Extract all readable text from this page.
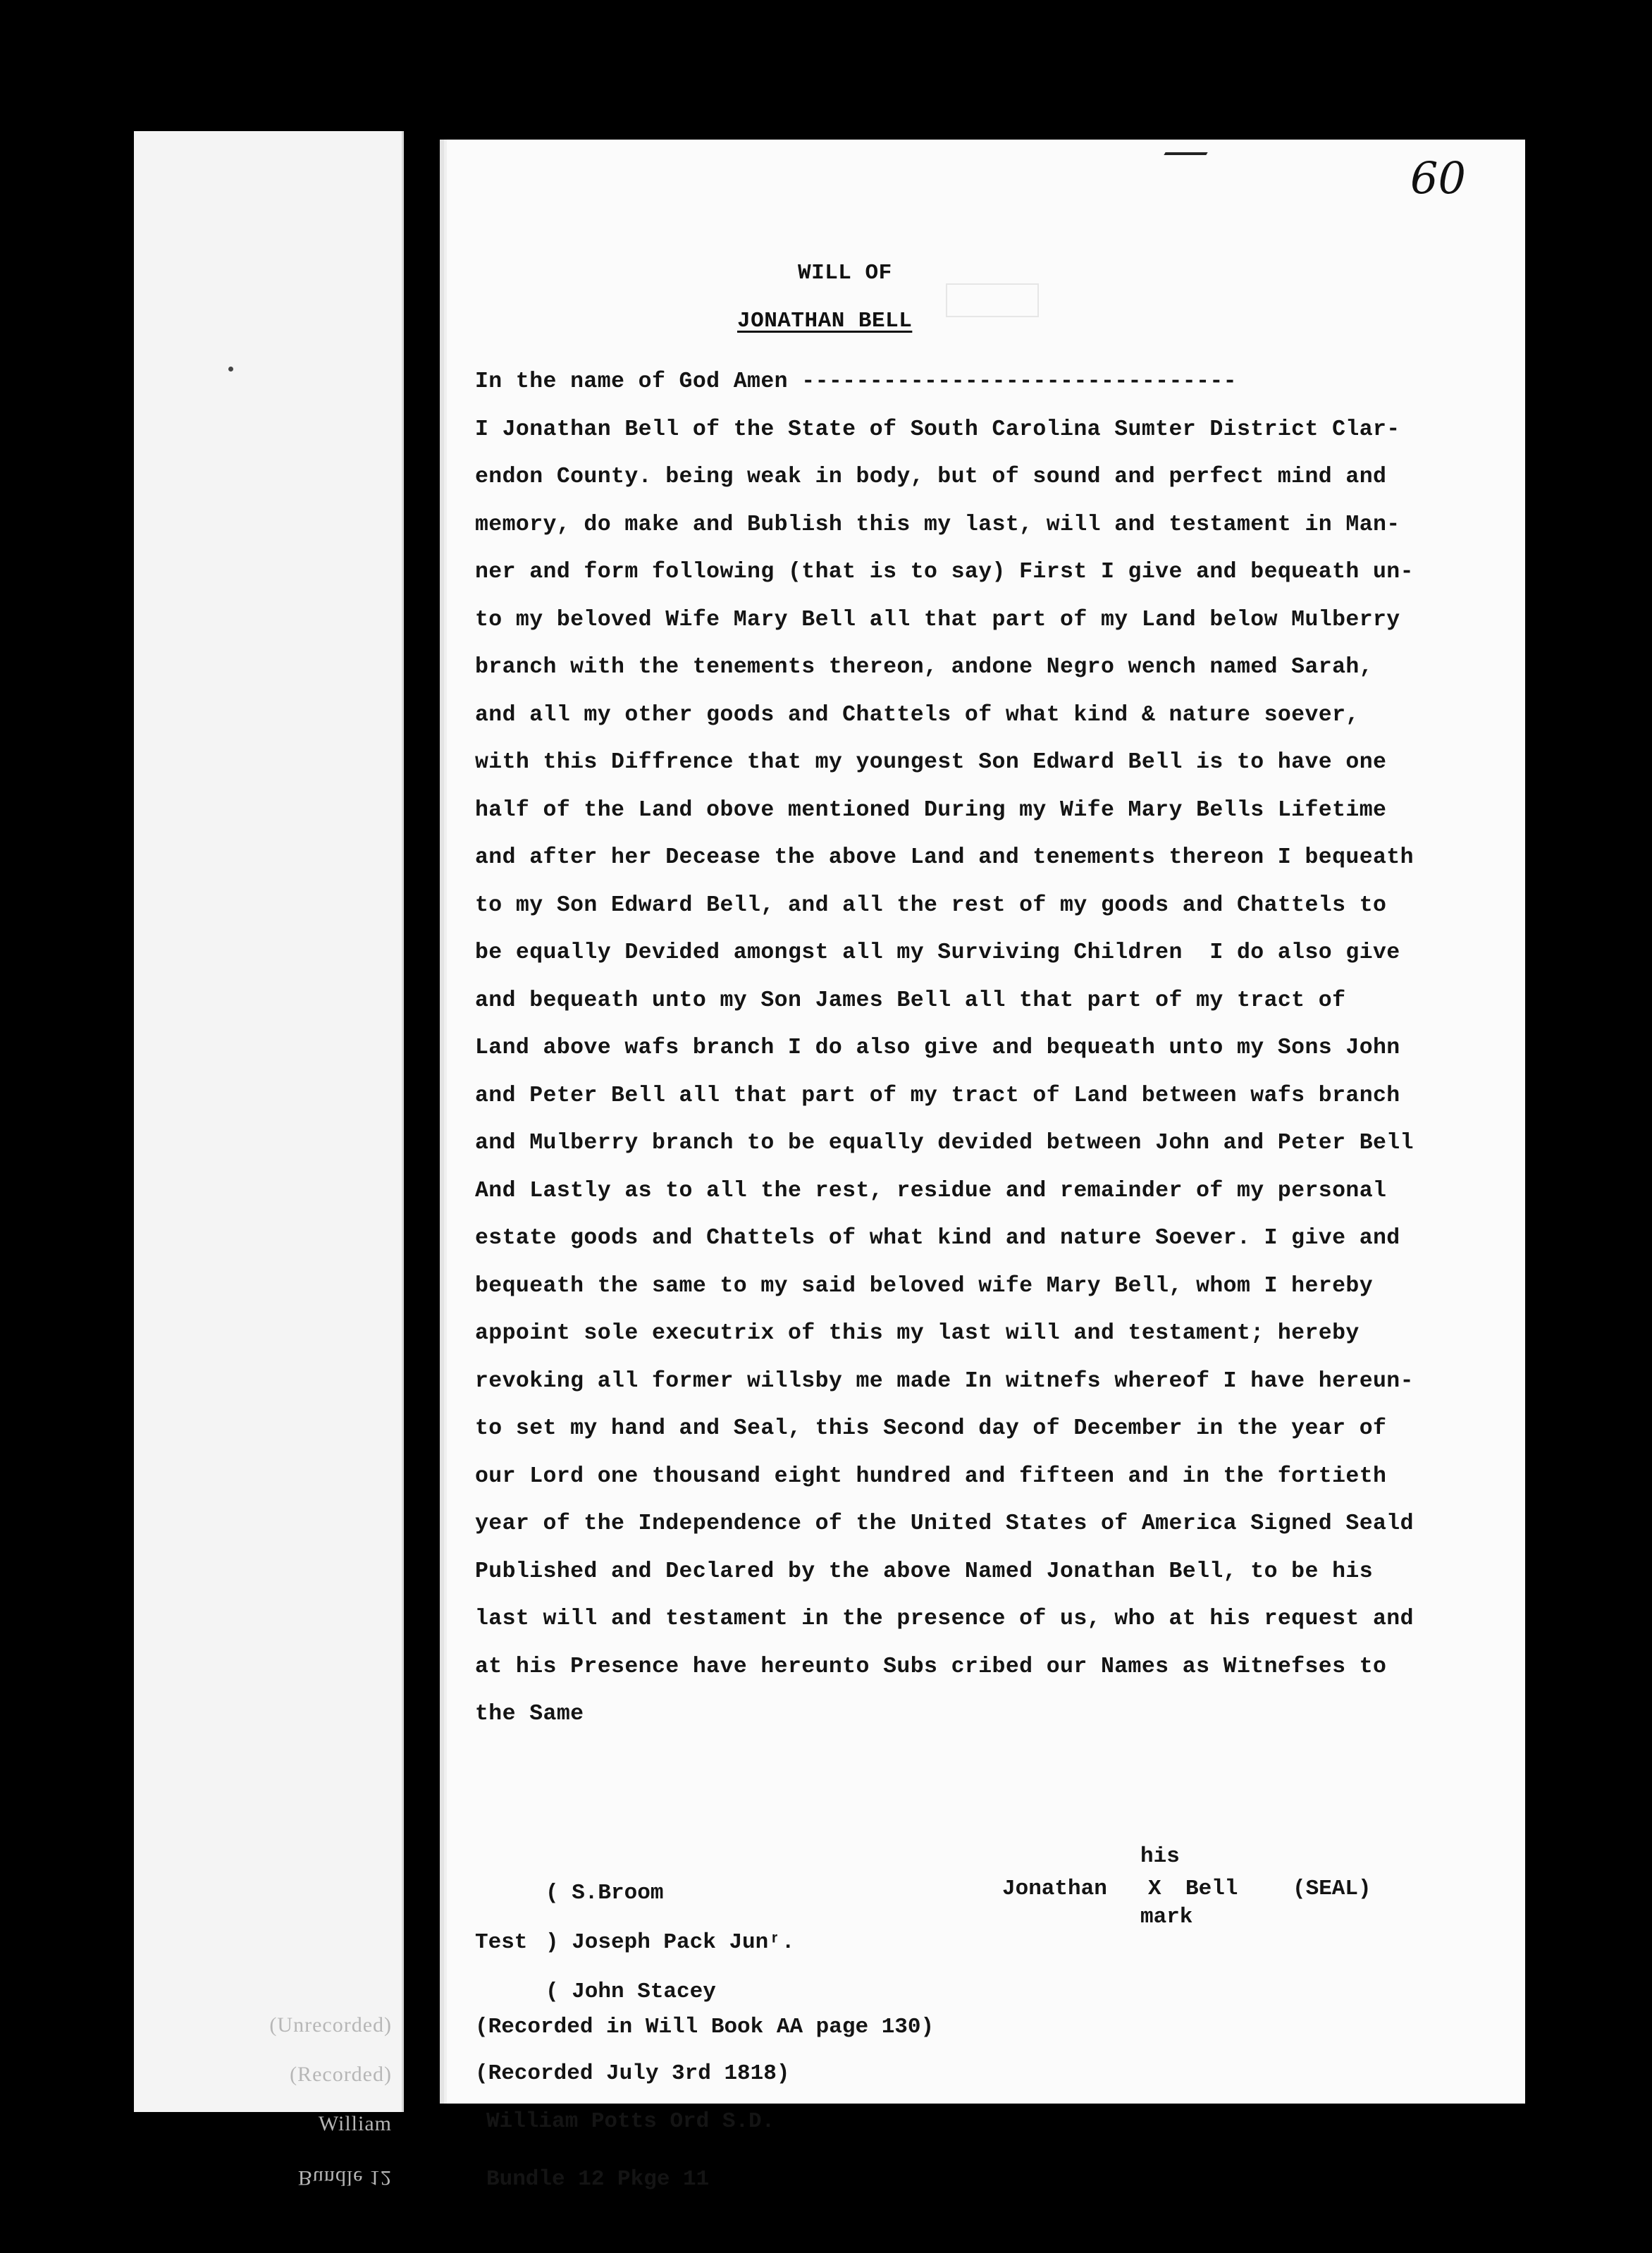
(Unrecorded)
(Recorded)
William
Bundle 12
60
WILL OF
JONATHAN BELL
In the name of God Amen --------------------------------
I Jonathan Bell of the State of South Carolina Sumter District Clar-
endon County. being weak in body, but of sound and perfect mind and
memory, do make and Bublish this my last, will and testament in Man-
ner and form following (that is to say) First I give and bequeath un-
to my beloved Wife Mary Bell all that part of my Land below Mulberry
branch with the tenements thereon, andone Negro wench named Sarah,
and all my other goods and Chattels of what kind & nature soever,
with this Diffrence that my youngest Son Edward Bell is to have one
half of the Land obove mentioned During my Wife Mary Bells Lifetime
and after her Decease the above Land and tenements thereon I bequeath
to my Son Edward Bell, and all the rest of my goods and Chattels to
be equally Devided amongst all my Surviving Children  I do also give
and bequeath unto my Son James Bell all that part of my tract of
Land above wafs branch I do also give and bequeath unto my Sons John
and Peter Bell all that part of my tract of Land between wafs branch
and Mulberry branch to be equally devided between John and Peter Bell
And Lastly as to all the rest, residue and remainder of my personal
estate goods and Chattels of what kind and nature Soever. I give and
bequeath the same to my said beloved wife Mary Bell, whom I hereby
appoint sole executrix of this my last will and testament; hereby
revoking all former willsby me made In witnefs whereof I have hereun-
to set my hand and Seal, this Second day of December in the year of
our Lord one thousand eight hundred and fifteen and in the fortieth
year of the Independence of the United States of America Signed Seald
Published and Declared by the above Named Jonathan Bell, to be his
last will and testament in the presence of us, who at his request and
at his Presence have hereunto Subs cribed our Names as Witnefses to
the Same
( S.Broom
Test ) Joseph Pack Junʳ.
( John Stacey
Jonathan
his
X Bell
mark
(SEAL)
(Recorded in Will Book AA page 130)
(Recorded July 3rd 1818)
William Potts Ord S.D.
Bundle 12 Pkge 11
